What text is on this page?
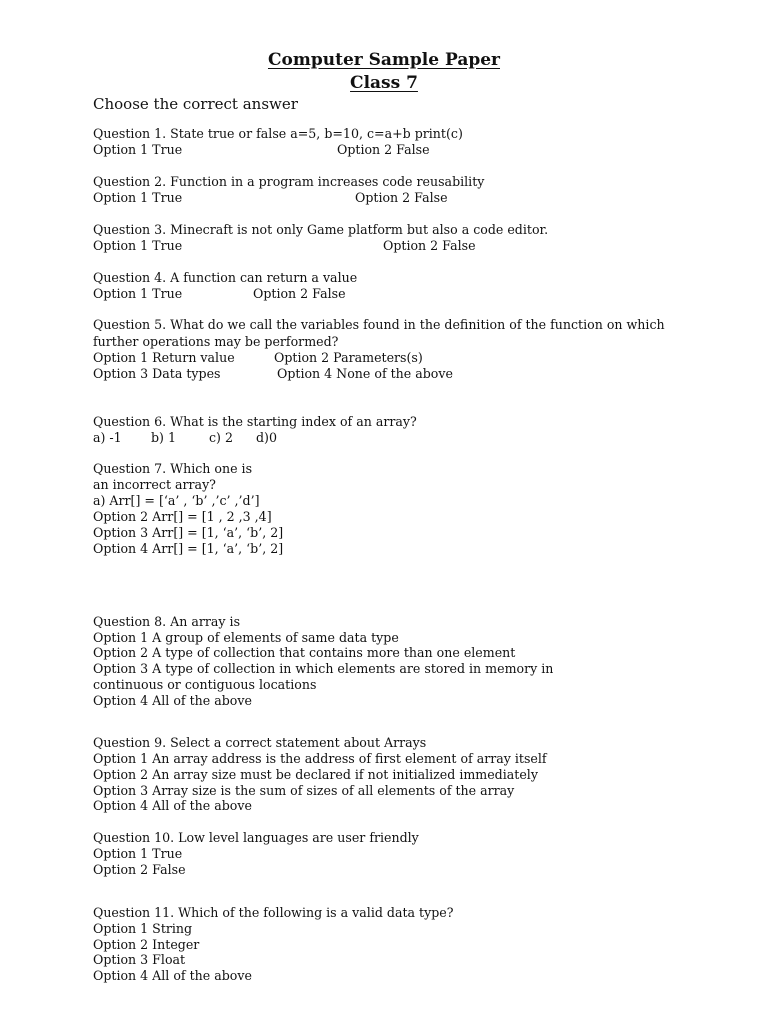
Computer Sample Paper
Class 7
Choose the correct answer
Question 1. State true or false a=5, b=10, c=a+b print(c)
Option 1 True	Option 2 False
Question 2. Function in a program increases code reusability
Option 1 True	Option 2 False
Question 3. Minecraft is not only Game platform but also a code editor.
Option 1 True	Option 2 False
Question 4. A function can return a value
Option 1 True	Option 2 False
Question 5. What do we call the variables found in the definition of the function on which
further operations may be performed?
Option 1 Return value	Option 2 Parameters(s)
Option 3 Data types	Option 4 None of the above
Question 6. What is the starting index of an array?
a) -1 b) 1	c) 2 d)0
Question 7. Which one is
an incorrect array?
a) Arr[] = [‘a’ , ‘b’ ,’c’ ,’d’]
Option 2 Arr[] = [1 , 2 ,3 ,4]
Option 3 Arr[] = [1, ‘a’, ‘b’, 2]
Option 4 Arr[] = [1, ‘a’, ‘b’, 2]
Question 8. An array is
Option 1 A group of elements of same data type
Option 2 A type of collection that contains more than one element
Option 3 A type of collection in which elements are stored in memory in
continuous or contiguous locations
Option 4 All of the above
Question 9. Select a correct statement about Arrays
Option 1 An array address is the address of first element of array itself
Option 2 An array size must be declared if not initialized immediately
Option 3 Array size is the sum of sizes of all elements of the array
Option 4 All of the above
Question 10. Low level languages are user friendly
Option 1 True
Option 2 False
Question 11. Which of the following is a valid data type?
Option 1 String
Option 2 Integer
Option 3 Float
Option 4 All of the above
